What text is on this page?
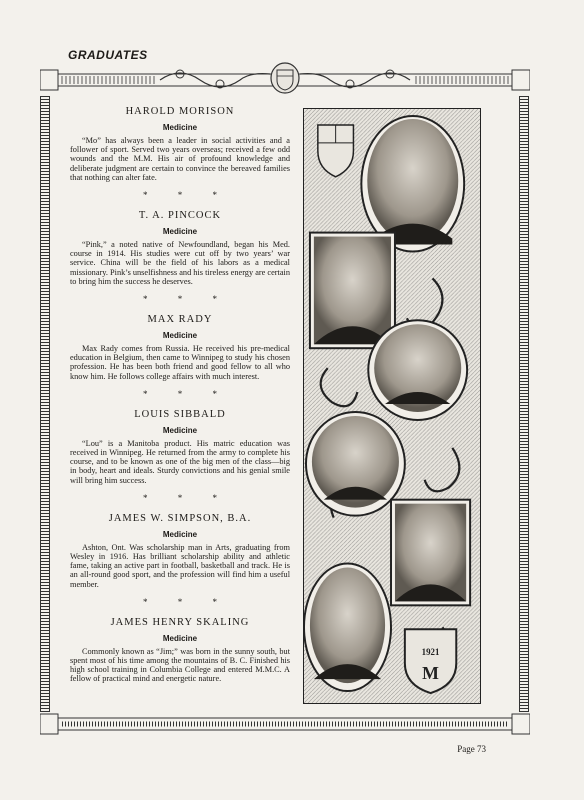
GRADUATES
HAROLD MORISON
Medicine

“Mo” has always been a leader in social activities and a follower of sport. Served two years overseas; received a few odd wounds and the M.M. His air of profound knowledge and deliberate judgment are certain to convince the bereaved families that nothing can alter fate.

* * *
T. A. PINCOCK
Medicine

“Pink,” a noted native of Newfoundland, began his Med. course in 1914. His studies were cut off by two years’ war service. China will be the field of his labors as a medical missionary. Pink’s unselfishness and his tireless energy are certain to bring him the success he deserves.

* * *
MAX RADY
Medicine

Max Rady comes from Russia. He received his pre-medical education in Belgium, then came to Winnipeg to study his chosen profession. He has been both friend and good fellow to all who know him. He follows college affairs with much interest.

* * *
LOUIS SIBBALD
Medicine

“Lou” is a Manitoba product. His matric education was received in Winnipeg. He returned from the army to complete his course, and to be known as one of the big men of the class—big in body, heart and ideals. Sturdy convictions and his genial smile will bring him success.

* * *
JAMES W. SIMPSON, B.A.
Medicine

Ashton, Ont. Was scholarship man in Arts, graduating from Wesley in 1916. Has brilliant scholarship ability and athletic fame, taking an active part in football, basketball and track. He is an all-round good sport, and the profession will find him a useful member.

* * *
JAMES HENRY SKALING
Medicine

Commonly known as “Jim;” was born in the sunny south, but spent most of his time among the mountains of B. C. Finished his high school training in Columbia College and entered M.M.C. A fellow of practical mind and energetic nature.

1921
M
Page 73
